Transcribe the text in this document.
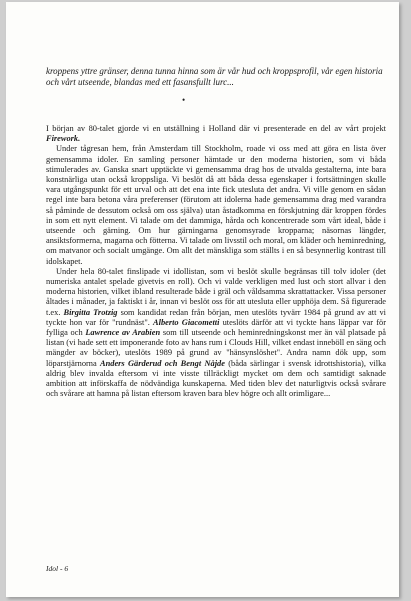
kroppens yttre gränser, denna tunna hinna som är vår hud och kroppsprofil, vår egen historia och vårt utseende, blandas med ett fasansfullt lurc...

•

I början av 80-talet gjorde vi en utställning i Holland där vi presenterade en del av vårt projekt Firework.

Under tågresan hem, från Amsterdam till Stockholm, roade vi oss med att göra en lista över gemensamma idoler. En samling personer hämtade ur den moderna historien, som vi båda stimulerades av. Ganska snart upptäckte vi gemensamma drag hos de utvalda gestalterna, inte bara konstnärliga utan också kroppsliga. Vi beslöt då att båda dessa egenskaper i fortsättningen skulle vara utgångspunkt för ett urval och att det ena inte fick utesluta det andra. Vi ville genom en sådan regel inte bara betona våra preferenser (förutom att idolerna hade gemensamma drag med varandra så påminde de dessutom också om oss själva) utan åstadkomma en förskjutning där kroppen fördes in som ett nytt element. Vi talade om det dammiga, hårda och koncentrerade som vårt ideal, både i utseende och gärning. Om hur gärningarna genomsyrade kropparna; näsornas längder, ansiktsformerna, magarna och fötterna. Vi talade om livsstil och moral, om kläder och heminredning, om matvanor och socialt umgänge. Om allt det mänskliga som ställts i en så besynnerlig kontrast till idolskapet.

Under hela 80-talet finslipade vi idollistan, som vi beslöt skulle begränsas till tolv idoler (det numeriska antalet spelade givetvis en roll). Och vi valde verkligen med lust och stort allvar i den moderna historien, vilket ibland resulterade både i gräl och våldsamma skrattattacker. Vissa personer åltades i månader, ja faktiskt i år, innan vi beslöt oss för att utesluta eller upphöja dem. Så figurerade t.ex. Birgitta Trotzig som kandidat redan från början, men uteslöts tyvärr 1984 på grund av att vi tyckte hon var för "rundnäst". Alberto Giacometti uteslöts därför att vi tyckte hans läppar var för fylliga och Lawrence av Arabien som till utseende och heminredningskonst mer än väl platsade på listan (vi hade sett ett imponerande foto av hans rum i Clouds Hill, vilket endast inneböll en säng och mängder av böcker), uteslöts 1989 på grund av "hänsynslöshet". Andra namn dök upp, som löparstjärnorna Anders Gärderud och Bengt Nåjde (båda särlingar i svensk idrottshistoria), vilka aldrig blev invalda eftersom vi inte visste tillräckligt mycket om dem och samtidigt saknade ambition att införskaffa de nödvändiga kunskaperna. Med tiden blev det naturligtvis också svårare och svårare att hamna på listan eftersom kraven bara blev högre och allt orimligare...

Idol - 6
